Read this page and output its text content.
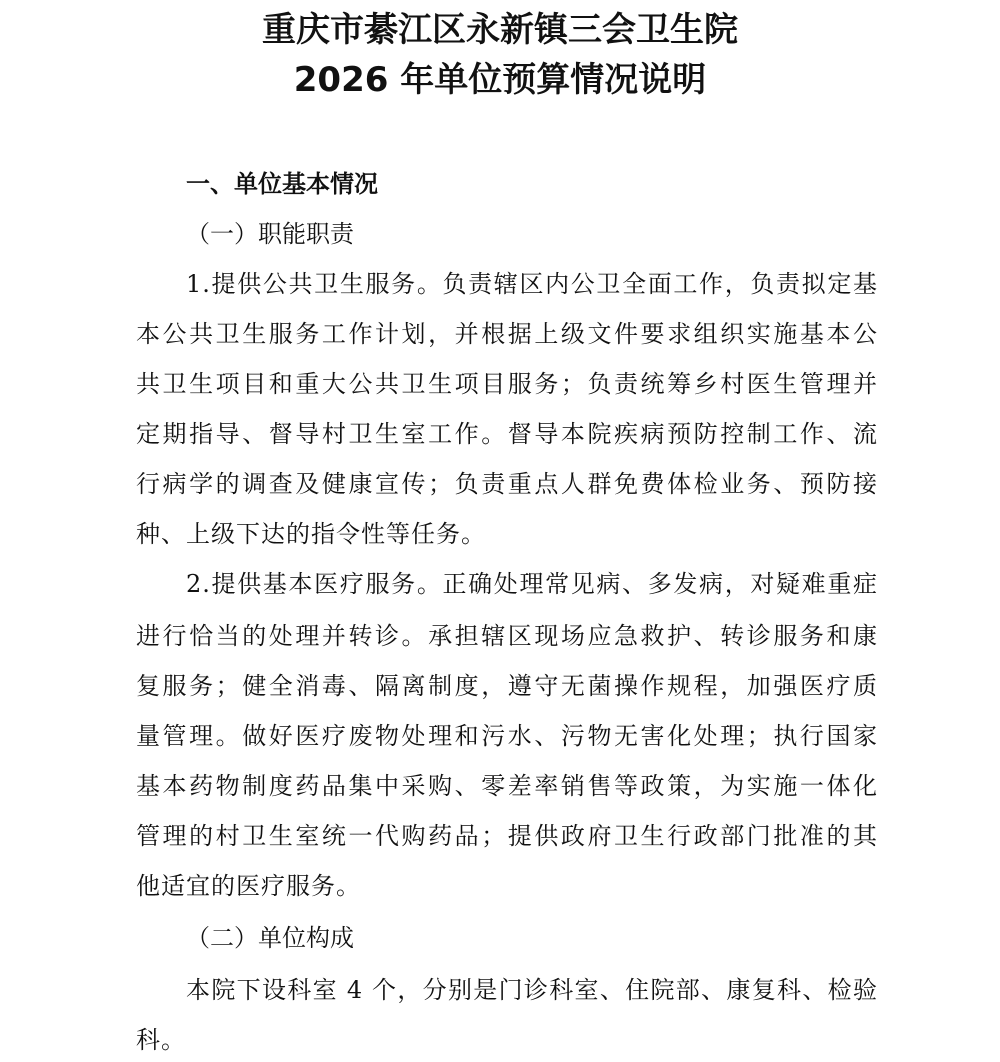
重庆市綦江区永新镇三会卫生院
2026 年单位预算情况说明
一、单位基本情况
（一）职能职责
1.提供公共卫生服务。负责辖区内公卫全面工作，负责拟定基
本公共卫生服务工作计划，并根据上级文件要求组织实施基本公
共卫生项目和重大公共卫生项目服务；负责统筹乡村医生管理并
定期指导、督导村卫生室工作。督导本院疾病预防控制工作、流
行病学的调查及健康宣传；负责重点人群免费体检业务、预防接
种、上级下达的指令性等任务。
2.提供基本医疗服务。正确处理常见病、多发病，对疑难重症
进行恰当的处理并转诊。承担辖区现场应急救护、转诊服务和康
复服务；健全消毒、隔离制度，遵守无菌操作规程，加强医疗质
量管理。做好医疗废物处理和污水、污物无害化处理；执行国家
基本药物制度药品集中采购、零差率销售等政策，为实施一体化
管理的村卫生室统一代购药品；提供政府卫生行政部门批准的其
他适宜的医疗服务。
（二）单位构成
本院下设科室 4 个，分别是门诊科室、住院部、康复科、检验
科。
